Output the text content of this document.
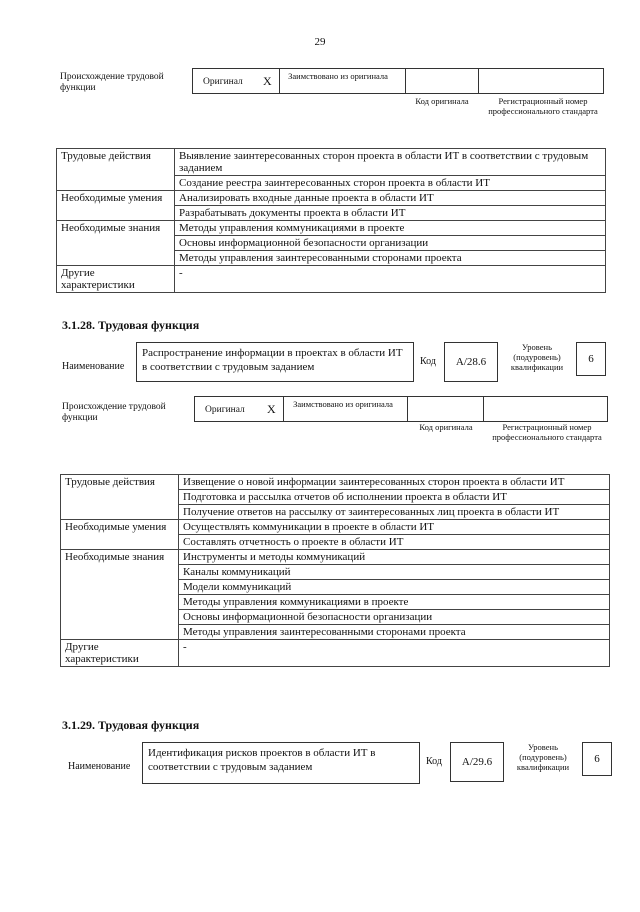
29
Происхождение трудовой функции
Оригинал X Заимствовано из оригинала
Код оригинала	Регистрационный номер профессионального стандарта
Трудовые действия	Выявление заинтересованных сторон проекта в области ИТ в соответствии с трудовым заданием
	Создание реестра заинтересованных сторон проекта в области ИТ
Необходимые умения	Анализировать входные данные проекта в области ИТ
	Разрабатывать документы проекта в области ИТ
Необходимые знания	Методы управления коммуникациями в проекте
	Основы информационной безопасности организации
	Методы управления заинтересованными сторонами проекта
Другие характеристики	-
3.1.28. Трудовая функция
Наименование
Распространение информации в проектах в области ИТ в соответствии с трудовым заданием	Код	A/28.6
Уровень (подуровень) квалификации
6
Происхождение трудовой функции
Оригинал X Заимствовано из оригинала
Код оригинала	Регистрационный номер профессионального стандарта
Трудовые действия	Извещение о новой информации заинтересованных сторон проекта в области ИТ
	Подготовка и рассылка отчетов об исполнении проекта в области ИТ
	Получение ответов на рассылку от заинтересованных лиц проекта в области ИТ
Необходимые умения	Осуществлять коммуникации в проекте в области ИТ
	Составлять отчетность о проекте в области ИТ
Необходимые знания	Инструменты и методы коммуникаций
	Каналы коммуникаций
	Модели коммуникаций
	Методы управления коммуникациями в проекте
	Основы информационной безопасности организации
	Методы управления заинтересованными сторонами проекта
Другие характеристики	-
3.1.29. Трудовая функция
Наименование
Идентификация рисков проектов в области ИТ в соответствии с трудовым заданием	Код	A/29.6
Уровень (подуровень) квалификации
6
